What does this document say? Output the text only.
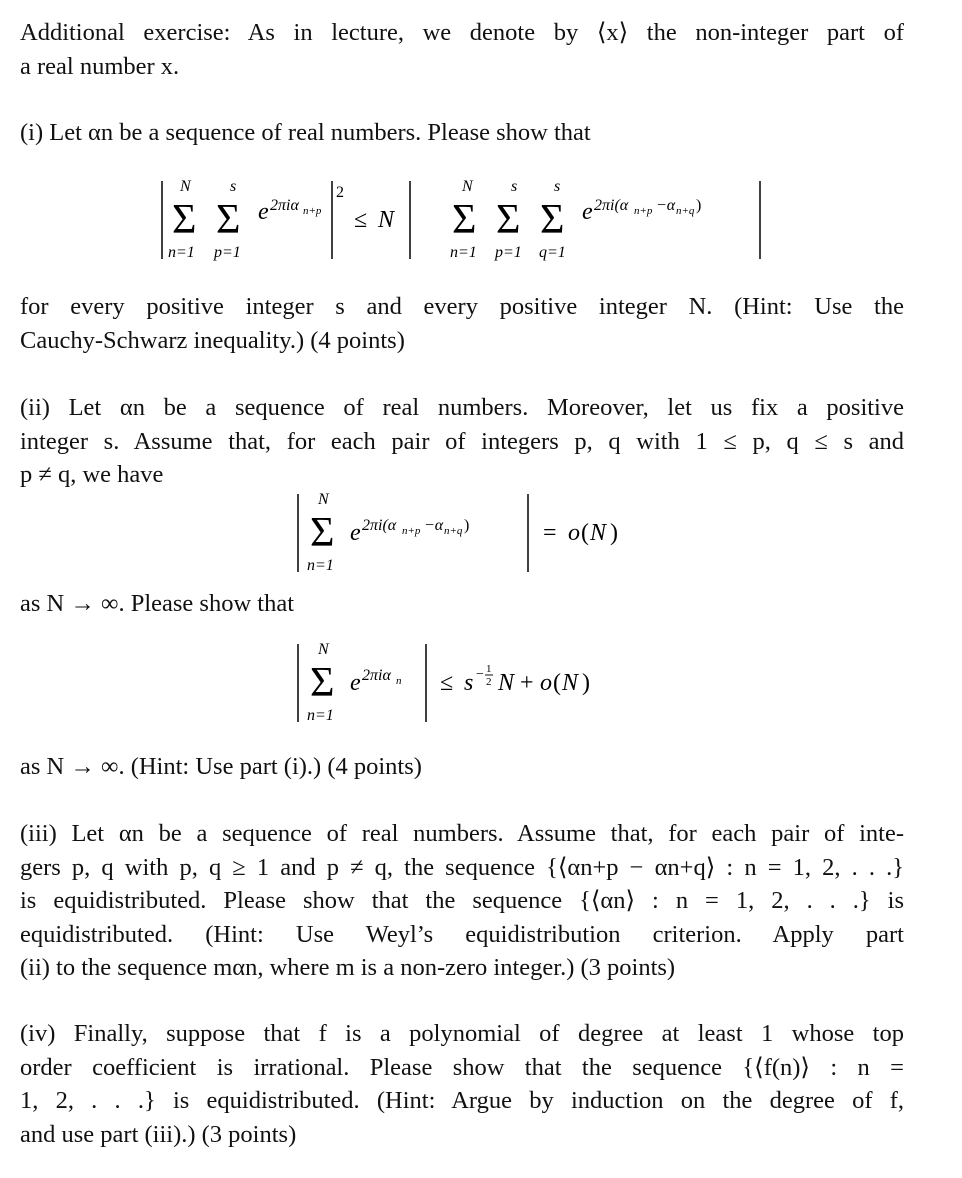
Additional exercise: As in lecture, we denote by ⟨x⟩ the non-integer part of
a real number x.
(i) Let αn be a sequence of real numbers. Please show that
N s
Σ Σ
n=1 p=1
e 2πiα n+p
2
≤ N
N s s
Σ Σ Σ
n=1 p=1 q=1
e 2πi(α n+p −α n+q )
for every positive integer s and every positive integer N. (Hint: Use the
Cauchy-Schwarz inequality.) (4 points)
(ii) Let αn be a sequence of real numbers. Moreover, let us fix a positive
integer s. Assume that, for each pair of integers p, q with 1 ≤ p, q ≤ s and
p ≠ q, we have
N
Σ
n=1
e 2πi(α n+p −α n+q )	= o ( N )
as N → ∞. Please show that
N
Σ
n=1
e 2πiα n ≤ s − 1
2 N + o ( N )
as N → ∞. (Hint: Use part (i).) (4 points)
(iii) Let αn be a sequence of real numbers. Assume that, for each pair of inte-
gers p, q with p, q ≥ 1 and p ≠ q, the sequence {⟨αn+p − αn+q⟩ : n = 1, 2, . . .}
is equidistributed. Please show that the sequence {⟨αn⟩ : n = 1, 2, . . .} is
equidistributed. (Hint: Use Weyl’s equidistribution criterion. Apply part
(ii) to the sequence mαn, where m is a non-zero integer.) (3 points)
(iv) Finally, suppose that f is a polynomial of degree at least 1 whose top
order coefficient is irrational. Please show that the sequence {⟨f(n)⟩ : n =
1, 2, . . .} is equidistributed. (Hint: Argue by induction on the degree of f,
and use part (iii).) (3 points)
